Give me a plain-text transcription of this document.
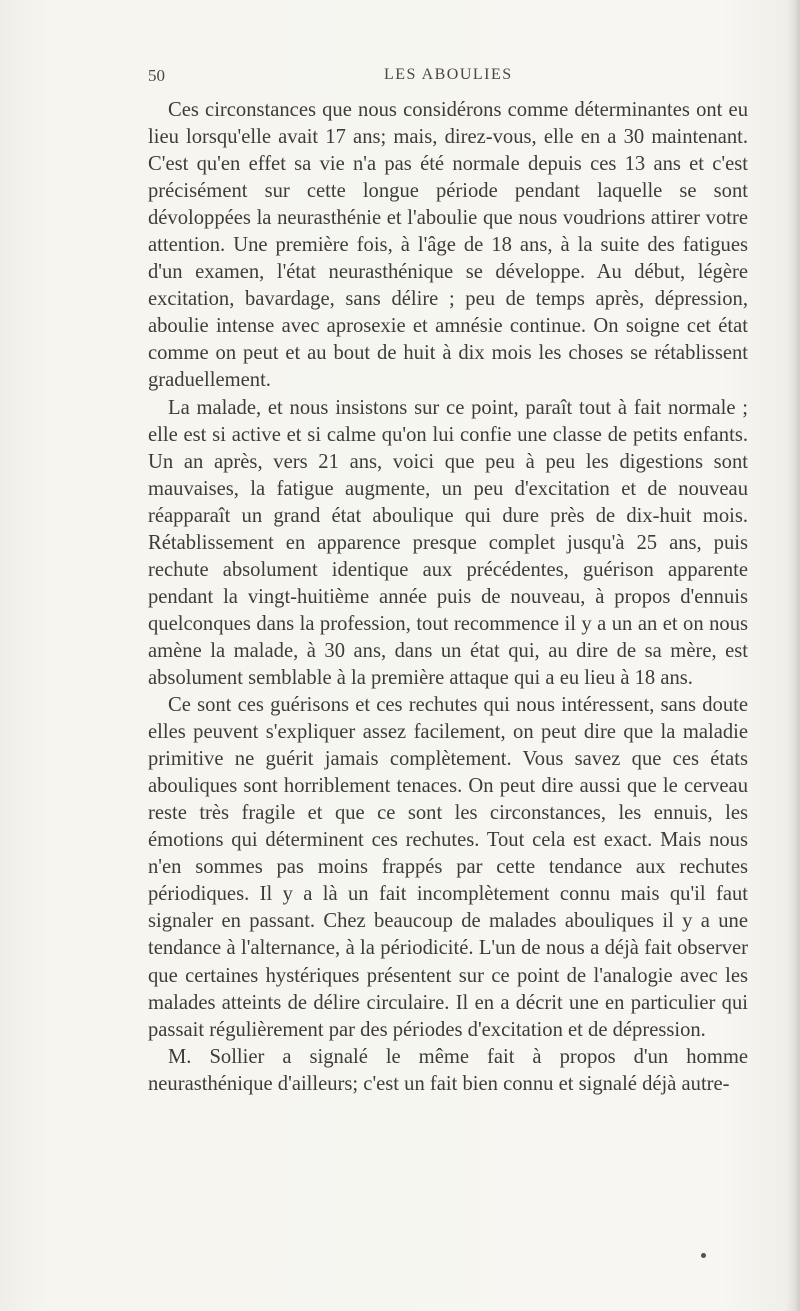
50	LES ABOULIES

Ces circonstances que nous considérons comme déterminantes ont eu lieu lorsqu'elle avait 17 ans; mais, direz-vous, elle en a 30 maintenant. C'est qu'en effet sa vie n'a pas été normale depuis ces 13 ans et c'est précisément sur cette longue période pendant laquelle se sont dévoloppées la neurasthénie et l'aboulie que nous voudrions attirer votre attention. Une première fois, à l'âge de 18 ans, à la suite des fatigues d'un examen, l'état neurasthénique se développe. Au début, légère excitation, bavardage, sans délire ; peu de temps après, dépression, aboulie intense avec aprosexie et amnésie continue. On soigne cet état comme on peut et au bout de huit à dix mois les choses se rétablissent graduellement.

La malade, et nous insistons sur ce point, paraît tout à fait normale ; elle est si active et si calme qu'on lui confie une classe de petits enfants. Un an après, vers 21 ans, voici que peu à peu les digestions sont mauvaises, la fatigue augmente, un peu d'excitation et de nouveau réapparaît un grand état aboulique qui dure près de dix-huit mois. Rétablissement en apparence presque complet jusqu'à 25 ans, puis rechute absolument identique aux précédentes, guérison apparente pendant la vingt-huitième année puis de nouveau, à propos d'ennuis quelconques dans la profession, tout recommence il y a un an et on nous amène la malade, à 30 ans, dans un état qui, au dire de sa mère, est absolument semblable à la première attaque qui a eu lieu à 18 ans.

Ce sont ces guérisons et ces rechutes qui nous intéressent, sans doute elles peuvent s'expliquer assez facilement, on peut dire que la maladie primitive ne guérit jamais complètement. Vous savez que ces états abouliques sont horriblement tenaces. On peut dire aussi que le cerveau reste très fragile et que ce sont les circonstances, les ennuis, les émotions qui déterminent ces rechutes. Tout cela est exact. Mais nous n'en sommes pas moins frappés par cette tendance aux rechutes périodiques. Il y a là un fait incomplètement connu mais qu'il faut signaler en passant. Chez beaucoup de malades abouliques il y a une tendance à l'alternance, à la périodicité. L'un de nous a déjà fait observer que certaines hystériques présentent sur ce point de l'analogie avec les malades atteints de délire circulaire. Il en a décrit une en particulier qui passait régulièrement par des périodes d'excitation et de dépression.

M. Sollier a signalé le même fait à propos d'un homme neurasthénique d'ailleurs; c'est un fait bien connu et signalé déjà autre-
